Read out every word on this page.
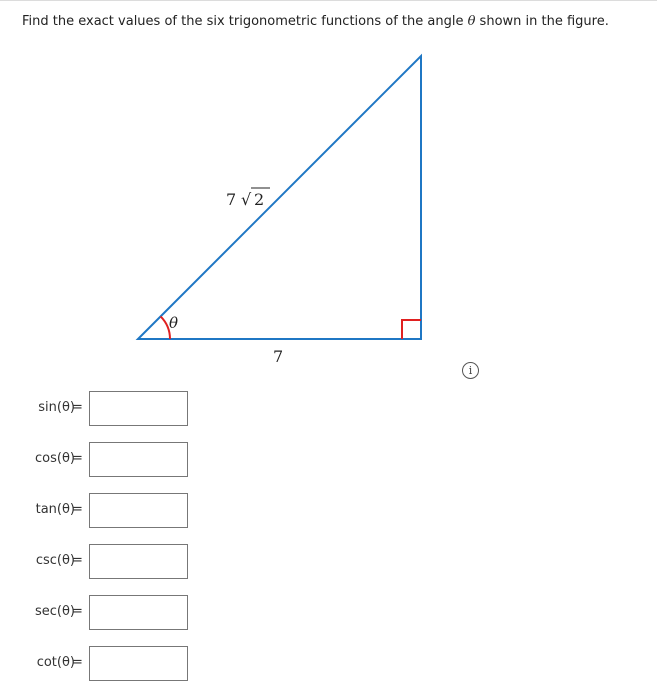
Find the exact values of the six trigonometric functions of the angle θ shown in the figure.
θ
7 √ 2
7
i
sin(θ)
=
cos(θ)
=
tan(θ)
=
csc(θ)
=
sec(θ)
=
cot(θ)
=
